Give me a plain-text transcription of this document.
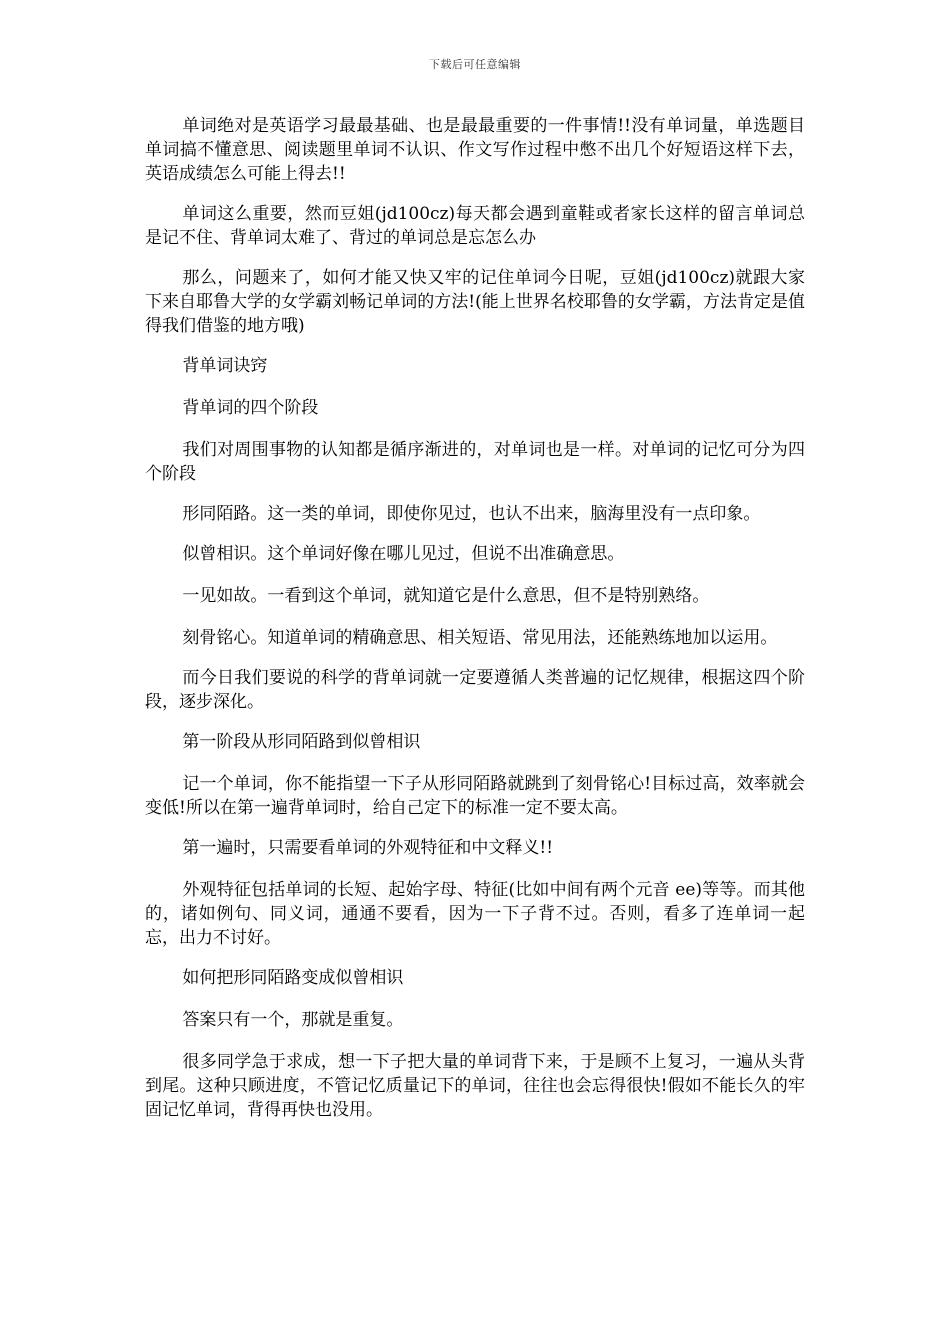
下载后可任意编辑

单词绝对是英语学习最最基础、也是最最重要的一件事情!!没有单词量，单选题目单词搞不懂意思、阅读题里单词不认识、作文写作过程中憋不出几个好短语这样下去，英语成绩怎么可能上得去!!

单词这么重要，然而豆姐(jd100cz)每天都会遇到童鞋或者家长这样的留言单词总是记不住、背单词太难了、背过的单词总是忘怎么办

那么，问题来了，如何才能又快又牢的记住单词今日呢，豆姐(jd100cz)就跟大家下来自耶鲁大学的女学霸刘畅记单词的方法!(能上世界名校耶鲁的女学霸，方法肯定是值得我们借鉴的地方哦)

背单词诀窍

背单词的四个阶段

我们对周围事物的认知都是循序渐进的，对单词也是一样。对单词的记忆可分为四个阶段

形同陌路。这一类的单词，即使你见过，也认不出来，脑海里没有一点印象。

似曾相识。这个单词好像在哪儿见过，但说不出准确意思。

一见如故。一看到这个单词，就知道它是什么意思，但不是特别熟络。

刻骨铭心。知道单词的精确意思、相关短语、常见用法，还能熟练地加以运用。

而今日我们要说的科学的背单词就一定要遵循人类普遍的记忆规律，根据这四个阶段，逐步深化。

第一阶段从形同陌路到似曾相识

记一个单词，你不能指望一下子从形同陌路就跳到了刻骨铭心!目标过高，效率就会变低!所以在第一遍背单词时，给自己定下的标准一定不要太高。

第一遍时，只需要看单词的外观特征和中文释义!!

外观特征包括单词的长短、起始字母、特征(比如中间有两个元音 ee)等等。而其他的，诸如例句、同义词，通通不要看，因为一下子背不过。否则，看多了连单词一起忘，出力不讨好。

如何把形同陌路变成似曾相识

答案只有一个，那就是重复。

很多同学急于求成，想一下子把大量的单词背下来，于是顾不上复习，一遍从头背到尾。这种只顾进度，不管记忆质量记下的单词，往往也会忘得很快!假如不能长久的牢固记忆单词，背得再快也没用。
